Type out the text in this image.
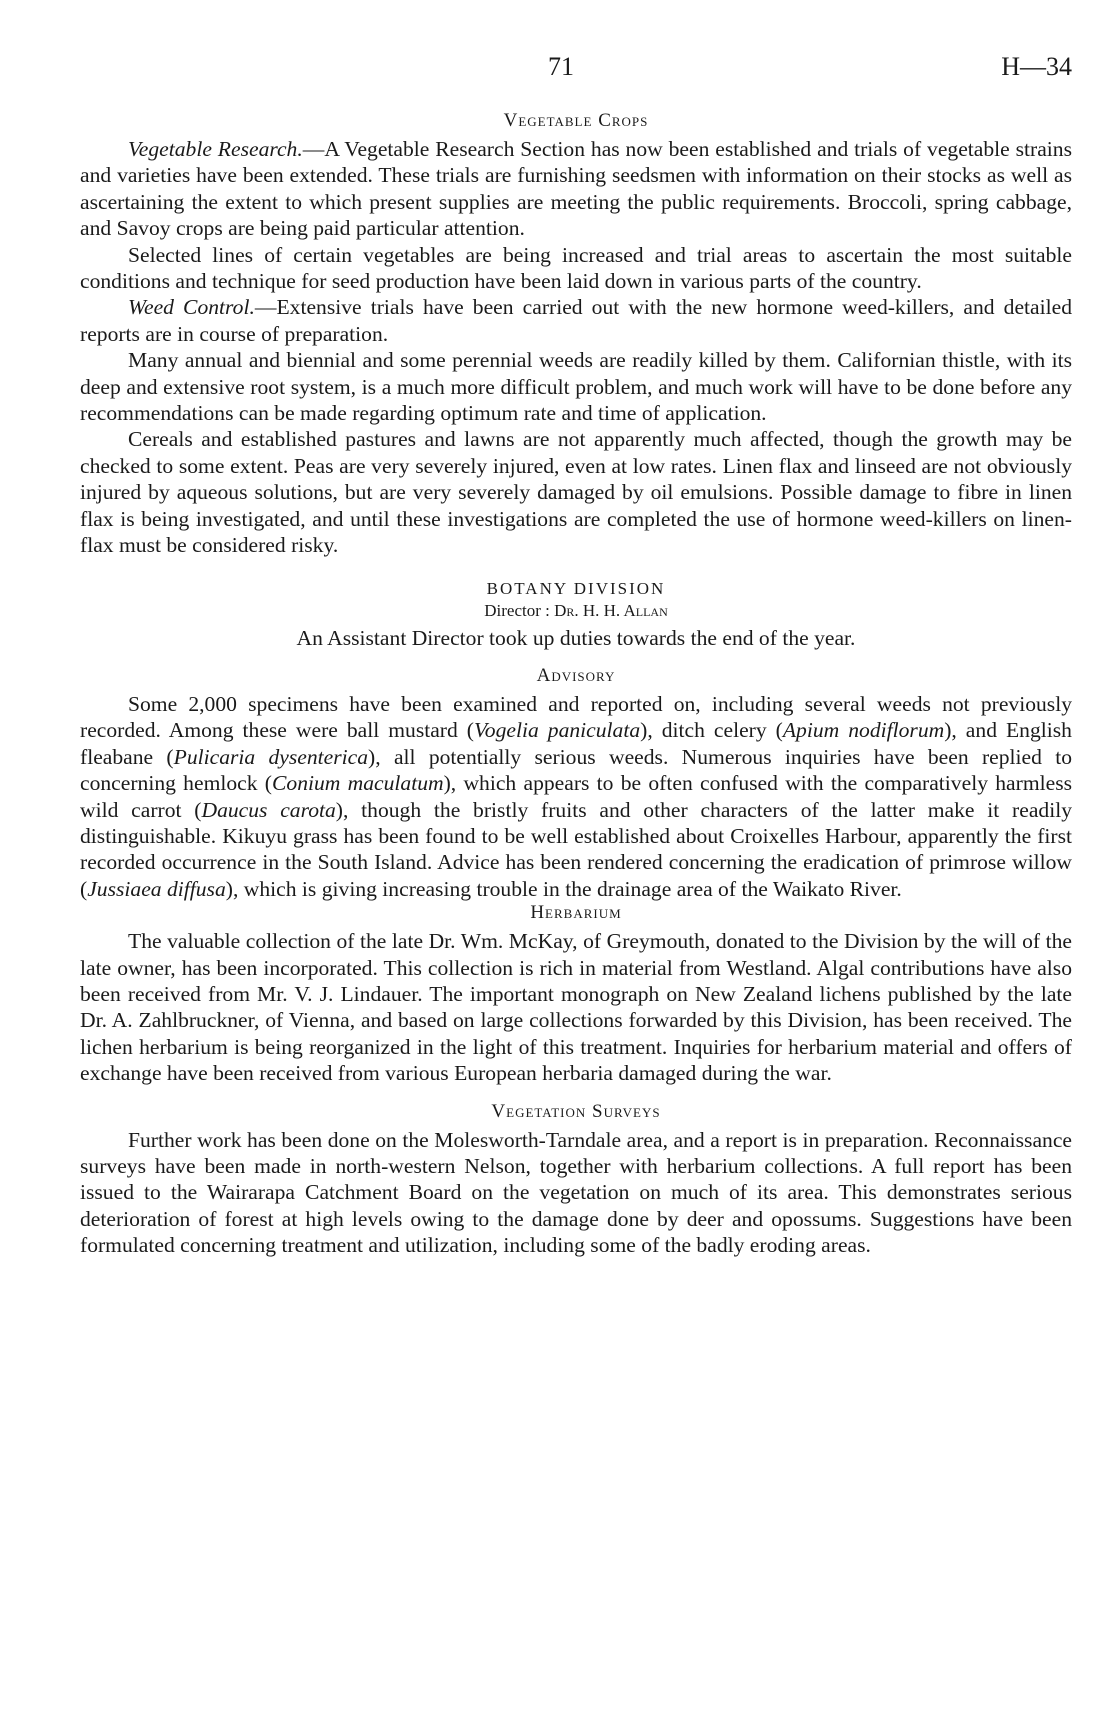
71	H—34
Vegetable Crops

Vegetable Research.—A Vegetable Research Section has now been established and trials of vegetable strains and varieties have been extended. These trials are furnishing seedsmen with information on their stocks as well as ascertaining the extent to which present supplies are meeting the public requirements. Broccoli, spring cabbage, and Savoy crops are being paid particular attention.

Selected lines of certain vegetables are being increased and trial areas to ascertain the most suitable conditions and technique for seed production have been laid down in various parts of the country.

Weed Control.—Extensive trials have been carried out with the new hormone weed-killers, and detailed reports are in course of preparation.

Many annual and biennial and some perennial weeds are readily killed by them. Californian thistle, with its deep and extensive root system, is a much more difficult problem, and much work will have to be done before any recommendations can be made regarding optimum rate and time of application.

Cereals and established pastures and lawns are not apparently much affected, though the growth may be checked to some extent. Peas are very severely injured, even at low rates. Linen flax and linseed are not obviously injured by aqueous solutions, but are very severely damaged by oil emulsions. Possible damage to fibre in linen flax is being investigated, and until these investigations are completed the use of hormone weed-killers on linen-flax must be considered risky.

BOTANY DIVISION
Director : Dr. H. H. Allan

An Assistant Director took up duties towards the end of the year.

Advisory

Some 2,000 specimens have been examined and reported on, including several weeds not previously recorded. Among these were ball mustard (Vogelia paniculata), ditch celery (Apium nodiflorum), and English fleabane (Pulicaria dysenterica), all potentially serious weeds. Numerous inquiries have been replied to concerning hemlock (Conium maculatum), which appears to be often confused with the comparatively harmless wild carrot (Daucus carota), though the bristly fruits and other characters of the latter make it readily distinguishable. Kikuyu grass has been found to be well established about Croixelles Harbour, apparently the first recorded occurrence in the South Island. Advice has been rendered concerning the eradication of primrose willow (Jussiaea diffusa), which is giving increasing trouble in the drainage area of the Waikato River.

Herbarium

The valuable collection of the late Dr. Wm. McKay, of Greymouth, donated to the Division by the will of the late owner, has been incorporated. This collection is rich in material from Westland. Algal contributions have also been received from Mr. V. J. Lindauer. The important monograph on New Zealand lichens published by the late Dr. A. Zahlbruckner, of Vienna, and based on large collections forwarded by this Division, has been received. The lichen herbarium is being reorganized in the light of this treatment. Inquiries for herbarium material and offers of exchange have been received from various European herbaria damaged during the war.

Vegetation Surveys

Further work has been done on the Molesworth-Tarndale area, and a report is in preparation. Reconnaissance surveys have been made in north-western Nelson, together with herbarium collections. A full report has been issued to the Wairarapa Catchment Board on the vegetation on much of its area. This demonstrates serious deterioration of forest at high levels owing to the damage done by deer and opossums. Suggestions have been formulated concerning treatment and utilization, including some of the badly eroding areas.
